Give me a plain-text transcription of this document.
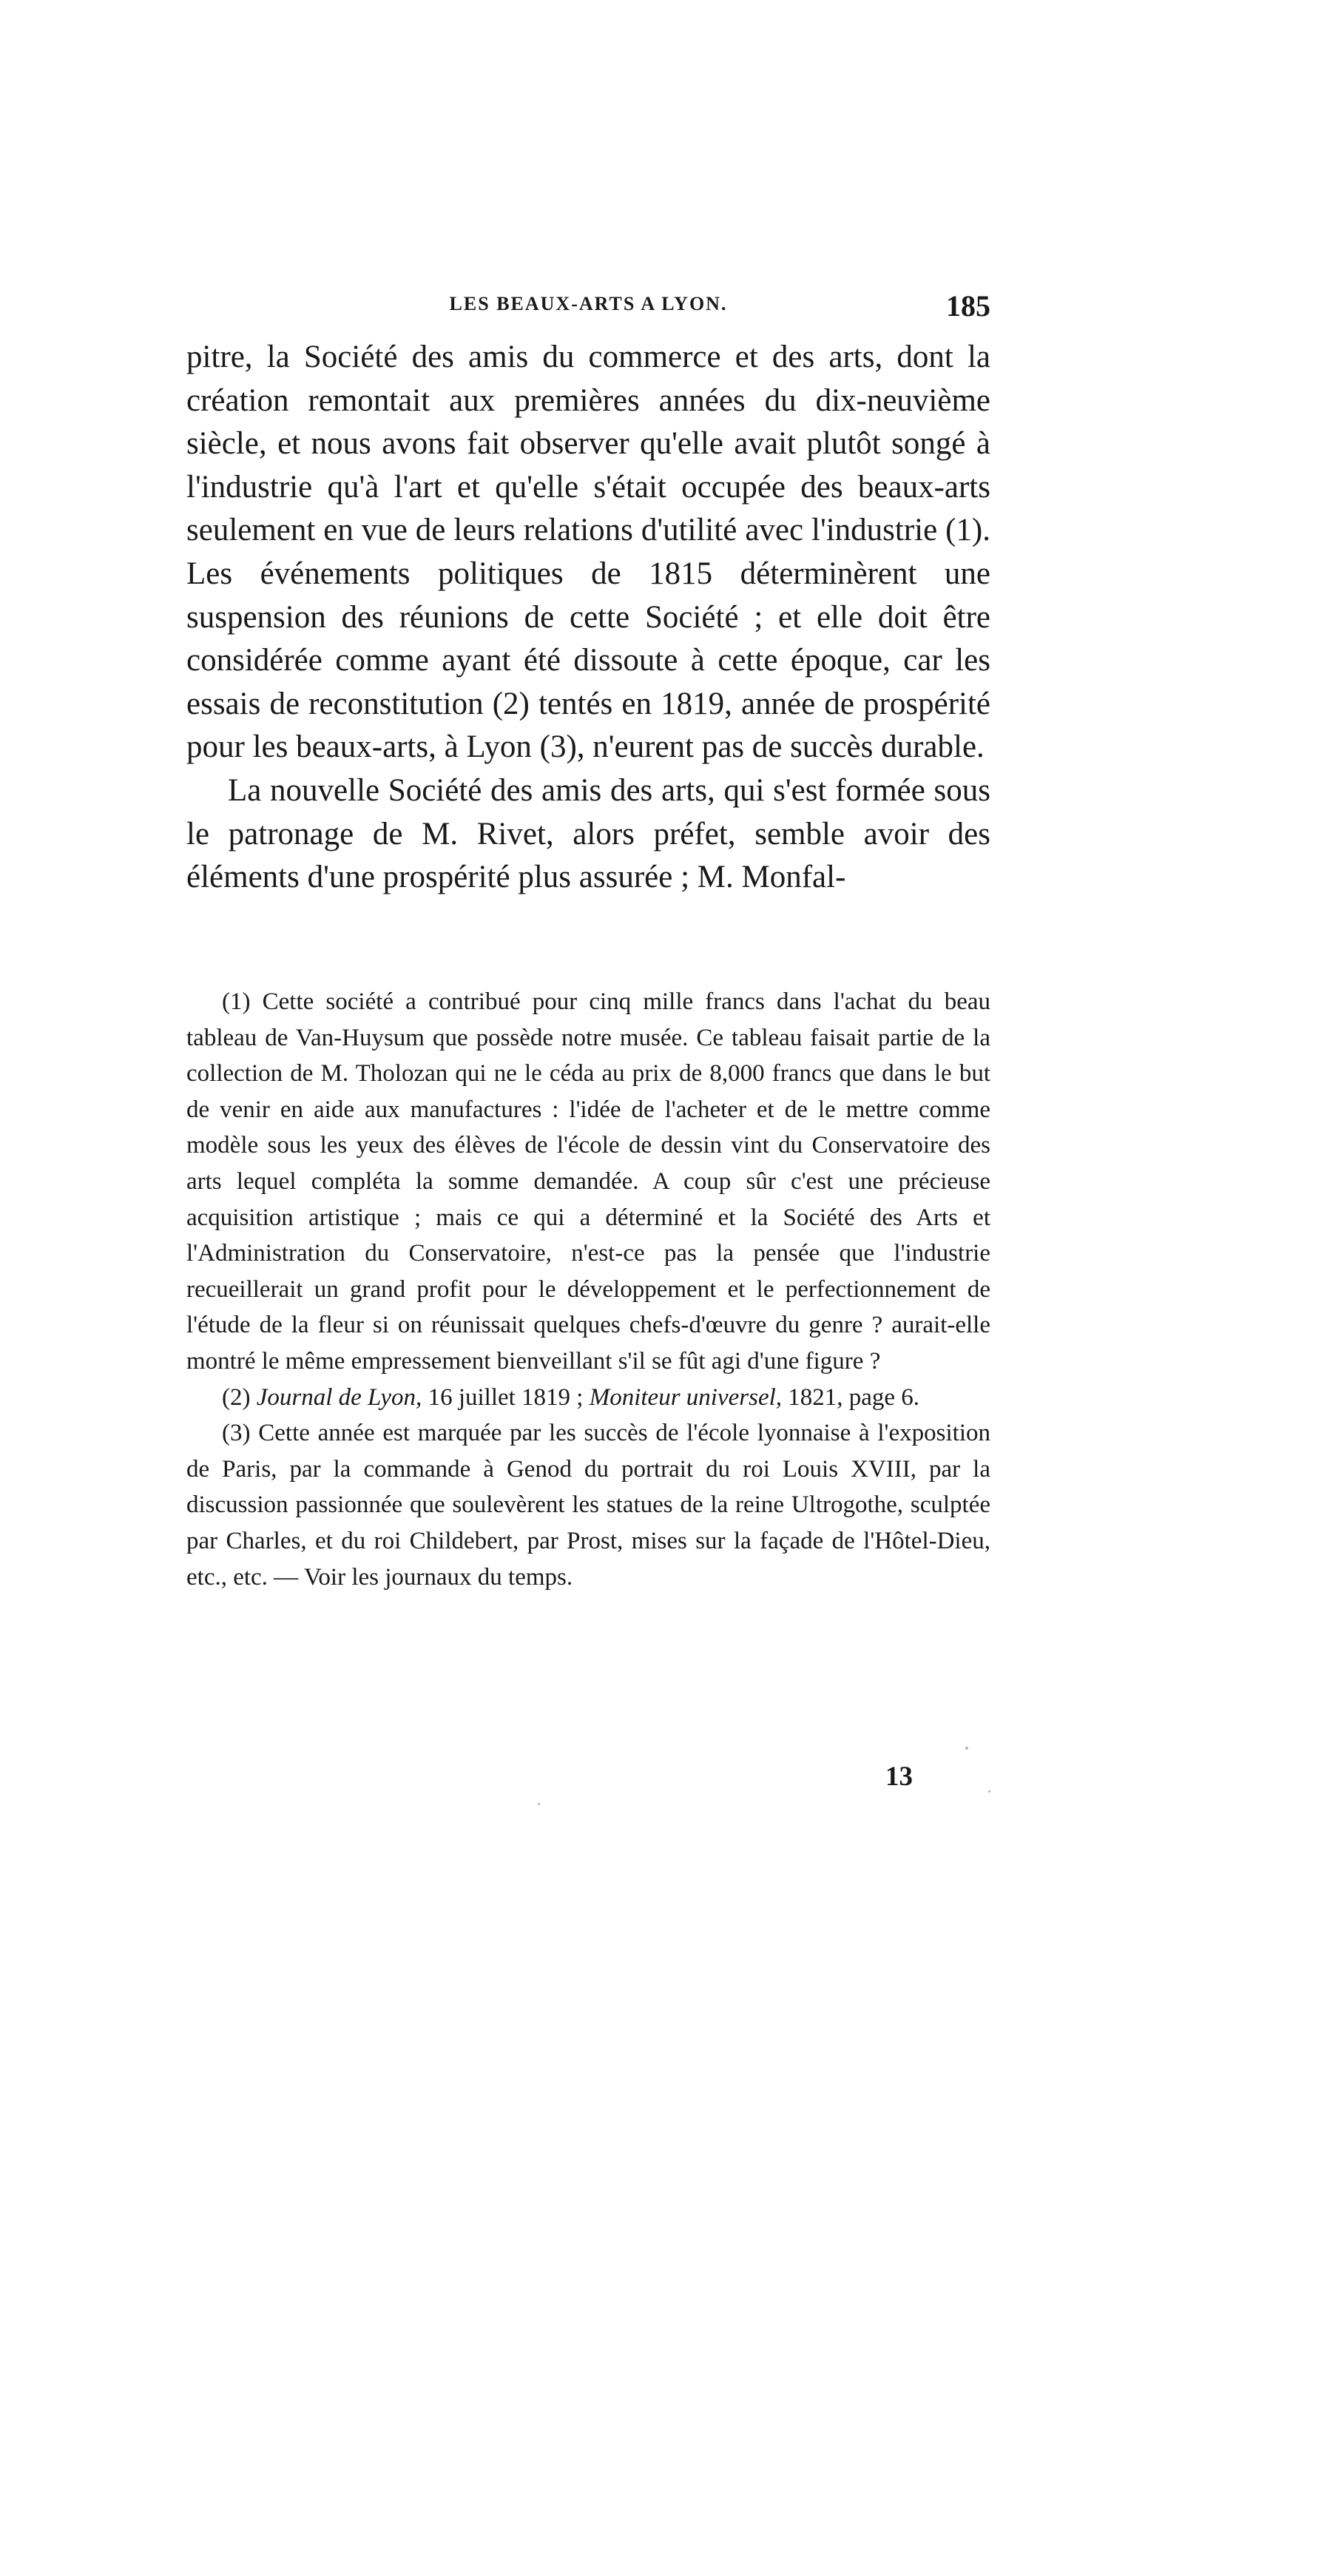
LES BEAUX-ARTS A LYON.	185

pitre, la Société des amis du commerce et des arts, dont la création remontait aux premières années du dix-neuvième siècle, et nous avons fait observer qu'elle avait plutôt songé à l'industrie qu'à l'art et qu'elle s'était occupée des beaux-arts seulement en vue de leurs relations d'utilité avec l'industrie (1). Les événements politiques de 1815 déterminèrent une suspension des réunions de cette Société ; et elle doit être considérée comme ayant été dissoute à cette époque, car les essais de reconstitution (2) tentés en 1819, année de prospérité pour les beaux-arts, à Lyon (3), n'eurent pas de succès durable.

La nouvelle Société des amis des arts, qui s'est formée sous le patronage de M. Rivet, alors préfet, semble avoir des éléments d'une prospérité plus assurée ; M. Monfal-

(1) Cette société a contribué pour cinq mille francs dans l'achat du beau tableau de Van-Huysum que possède notre musée. Ce tableau faisait partie de la collection de M. Tholozan qui ne le céda au prix de 8,000 francs que dans le but de venir en aide aux manufactures : l'idée de l'acheter et de le mettre comme modèle sous les yeux des élèves de l'école de dessin vint du Conservatoire des arts lequel compléta la somme demandée. A coup sûr c'est une précieuse acquisition artistique ; mais ce qui a déterminé et la Société des Arts et l'Administration du Conservatoire, n'est-ce pas la pensée que l'industrie recueillerait un grand profit pour le développement et le perfectionnement de l'étude de la fleur si on réunissait quelques chefs-d'œuvre du genre ? aurait-elle montré le même empressement bienveillant s'il se fût agi d'une figure ?

(2) Journal de Lyon, 16 juillet 1819 ; Moniteur universel, 1821, page 6.

(3) Cette année est marquée par les succès de l'école lyonnaise à l'exposition de Paris, par la commande à Genod du portrait du roi Louis XVIII, par la discussion passionnée que soulevèrent les statues de la reine Ultrogothe, sculptée par Charles, et du roi Childebert, par Prost, mises sur la façade de l'Hôtel-Dieu, etc., etc. — Voir les journaux du temps.

13
